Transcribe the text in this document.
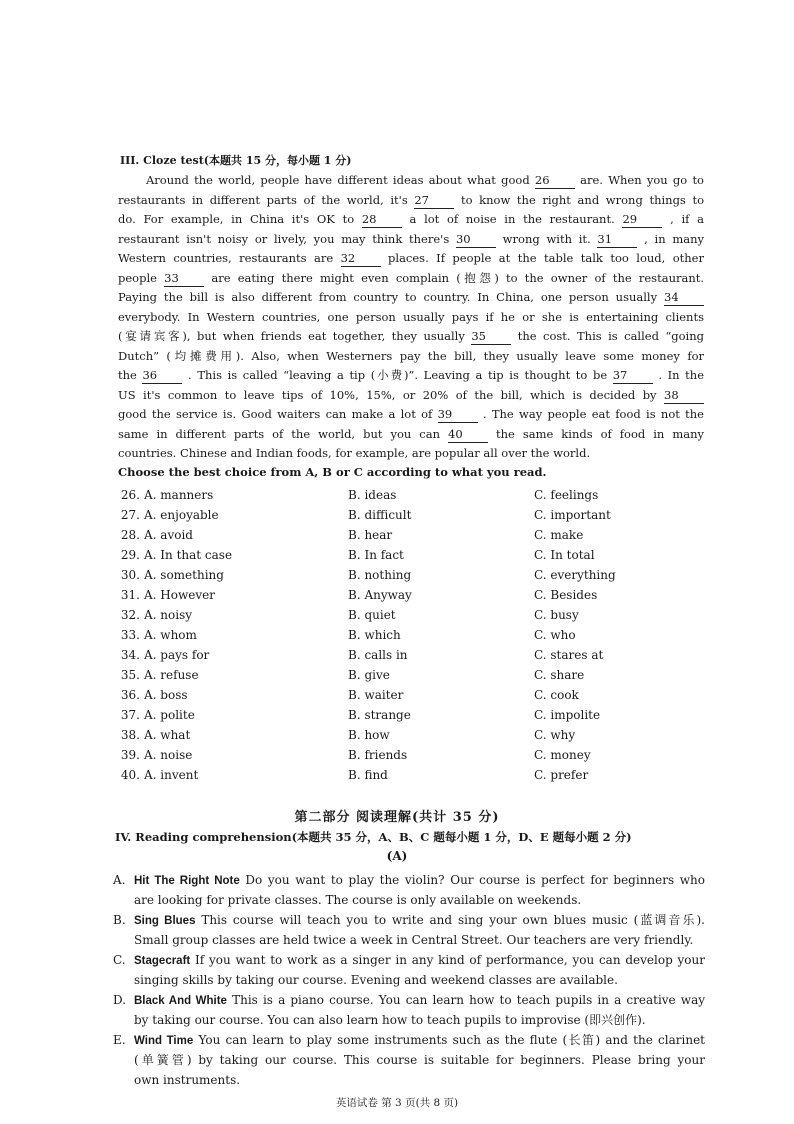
III. Cloze test(本题共 15 分，每小题 1 分)
Around the world, people have different ideas about what good 26 are. When you go to
restaurants in different parts of the world, it's 27 to know the right and wrong things to
do. For example, in China it's OK to 28 a lot of noise in the restaurant. 29 , if a
restaurant isn't noisy or lively, you may think there's 30 wrong with it. 31 , in many
Western countries, restaurants are 32 places. If people at the table talk too loud, other
people 33 are eating there might even complain (抱怨) to the owner of the restaurant.
Paying the bill is also different from country to country. In China, one person usually 34
everybody. In Western countries, one person usually pays if he or she is entertaining clients
(宴请宾客), but when friends eat together, they usually 35 the cost. This is called “going
Dutch” (均摊费用). Also, when Westerners pay the bill, they usually leave some money for
the 36 . This is called “leaving a tip (小费)”. Leaving a tip is thought to be 37 . In the
US it's common to leave tips of 10%, 15%, or 20% of the bill, which is decided by 38
good the service is. Good waiters can make a lot of 39 . The way people eat food is not the
same in different parts of the world, but you can 40 the same kinds of food in many
countries. Chinese and Indian foods, for example, are popular all over the world.
Choose the best choice from A, B or C according to what you read.
26. A. manners	B. ideas	C. feelings
27. A. enjoyable	B. difficult	C. important
28. A. avoid	B. hear	C. make
29. A. In that case	B. In fact	C. In total
30. A. something	B. nothing	C. everything
31. A. However	B. Anyway	C. Besides
32. A. noisy	B. quiet	C. busy
33. A. whom	B. which	C. who
34. A. pays for	B. calls in	C. stares at
35. A. refuse	B. give	C. share
36. A. boss	B. waiter	C. cook
37. A. polite	B. strange	C. impolite
38. A. what	B. how	C. why
39. A. noise	B. friends	C. money
40. A. invent	B. find	C. prefer
第二部分 阅读理解(共计 35 分)
IV. Reading comprehension(本题共 35 分，A、B、C 题每小题 1 分，D、E 题每小题 2 分)
(A)
A. Hit The Right Note Do you want to play the violin? Our course is perfect for beginners who
are looking for private classes. The course is only available on weekends.
B. Sing Blues This course will teach you to write and sing your own blues music (蓝调音乐).
Small group classes are held twice a week in Central Street. Our teachers are very friendly.
C. Stagecraft If you want to work as a singer in any kind of performance, you can develop your
singing skills by taking our course. Evening and weekend classes are available.
D. Black And White This is a piano course. You can learn how to teach pupils in a creative way
by taking our course. You can also learn how to teach pupils to improvise (即兴创作).
E. Wind Time You can learn to play some instruments such as the flute (长笛) and the clarinet
(单簧管) by taking our course. This course is suitable for beginners. Please bring your
own instruments.
英语试卷 第 3 页(共 8 页)
